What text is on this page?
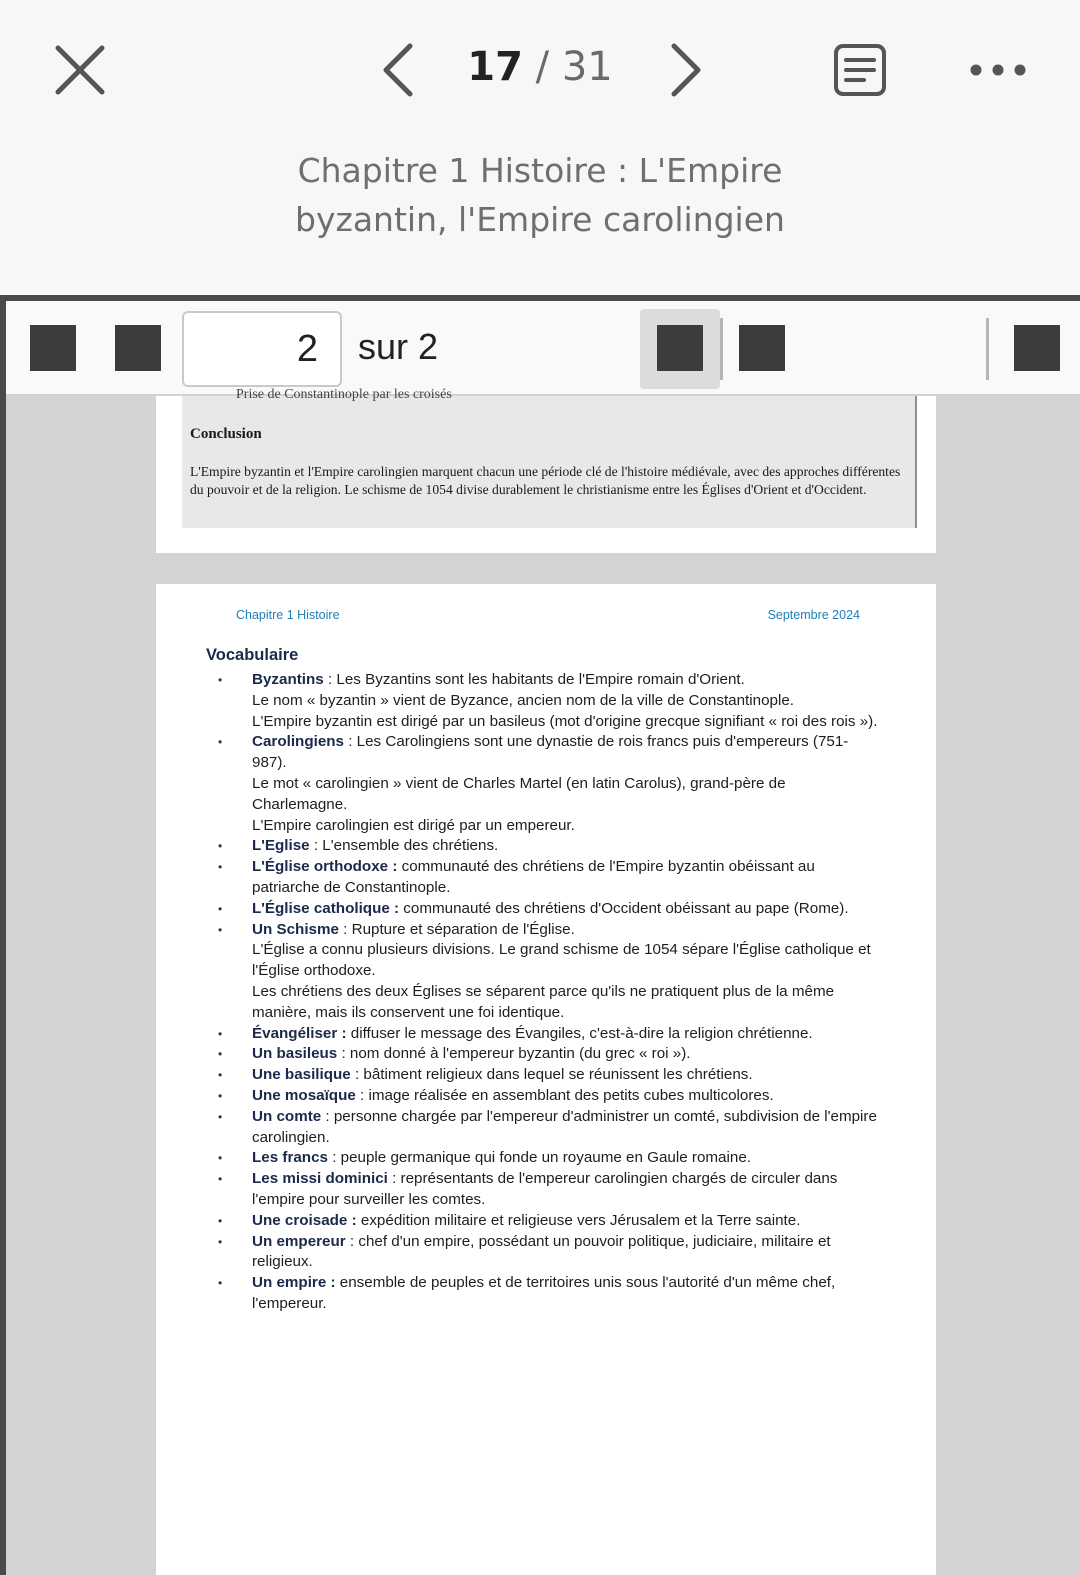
17 / 31
Chapitre 1 Histoire : L'Empire
byzantin, l'Empire carolingien
2	sur 2
Prise de Constantinople par les croisés
Conclusion
L'Empire byzantin et l'Empire carolingien marquent chacun une période clé de l'histoire médiévale, avec des approches différentes du pouvoir et de la religion. Le schisme de 1054 divise durablement le christianisme entre les Églises d'Orient et d'Occident.
Chapitre 1 Histoire	Septembre 2024
Vocabulaire
• Byzantins : Les Byzantins sont les habitants de l'Empire romain d'Orient.
Le nom « byzantin » vient de Byzance, ancien nom de la ville de Constantinople.
L'Empire byzantin est dirigé par un basileus (mot d'origine grecque signifiant « roi des rois »).
• Carolingiens : Les Carolingiens sont une dynastie de rois francs puis d'empereurs (751-987).
Le mot « carolingien » vient de Charles Martel (en latin Carolus), grand-père de Charlemagne.
L'Empire carolingien est dirigé par un empereur.
• L'Eglise : L'ensemble des chrétiens.
• L'Église orthodoxe : communauté des chrétiens de l'Empire byzantin obéissant au patriarche de Constantinople.
• L'Église catholique : communauté des chrétiens d'Occident obéissant au pape (Rome).
• Un Schisme : Rupture et séparation de l'Église.
L'Église a connu plusieurs divisions. Le grand schisme de 1054 sépare l'Église catholique et l'Église orthodoxe.
Les chrétiens des deux Églises se séparent parce qu'ils ne pratiquent plus de la même manière, mais ils conservent une foi identique.
• Évangéliser : diffuser le message des Évangiles, c'est-à-dire la religion chrétienne.
• Un basileus : nom donné à l'empereur byzantin (du grec « roi »).
• Une basilique : bâtiment religieux dans lequel se réunissent les chrétiens.
• Une mosaïque : image réalisée en assemblant des petits cubes multicolores.
• Un comte : personne chargée par l'empereur d'administrer un comté, subdivision de l'empire carolingien.
• Les francs : peuple germanique qui fonde un royaume en Gaule romaine.
• Les missi dominici : représentants de l'empereur carolingien chargés de circuler dans l'empire pour surveiller les comtes.
• Une croisade : expédition militaire et religieuse vers Jérusalem et la Terre sainte.
• Un empereur : chef d'un empire, possédant un pouvoir politique, judiciaire, militaire et religieux.
• Un empire : ensemble de peuples et de territoires unis sous l'autorité d'un même chef, l'empereur.
